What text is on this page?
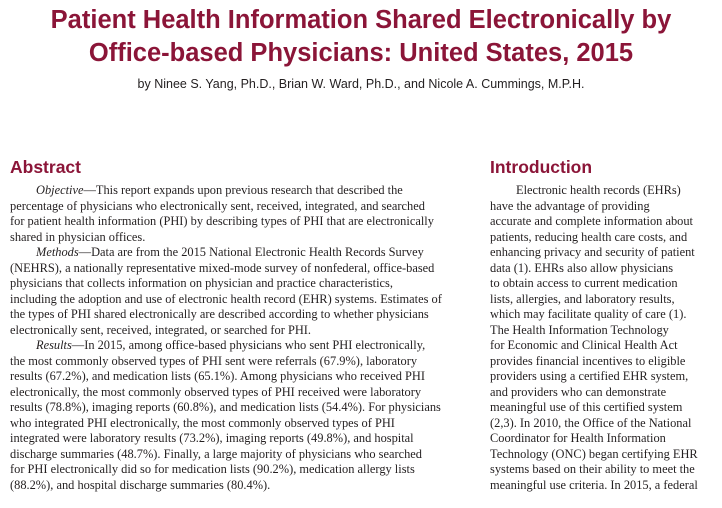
Patient Health Information Shared Electronically by
Office-based Physicians: United States, 2015
by Ninee S. Yang, Ph.D., Brian W. Ward, Ph.D., and Nicole A. Cummings, M.P.H.
Abstract	Introduction
Objective—This report expands upon previous research that described the
percentage of physicians who electronically sent, received, integrated, and searched
for patient health information (PHI) by describing types of PHI that are electronically
shared in physician offices.
Methods—Data are from the 2015 National Electronic Health Records Survey
(NEHRS), a nationally representative mixed-mode survey of nonfederal, office-based
physicians that collects information on physician and practice characteristics,
including the adoption and use of electronic health record (EHR) systems. Estimates of
the types of PHI shared electronically are described according to whether physicians
electronically sent, received, integrated, or searched for PHI.
Results—In 2015, among office-based physicians who sent PHI electronically,
the most commonly observed types of PHI sent were referrals (67.9%), laboratory
results (67.2%), and medication lists (65.1%). Among physicians who received PHI
electronically, the most commonly observed types of PHI received were laboratory
results (78.8%), imaging reports (60.8%), and medication lists (54.4%). For physicians
who integrated PHI electronically, the most commonly observed types of PHI
integrated were laboratory results (73.2%), imaging reports (49.8%), and hospital
discharge summaries (48.7%). Finally, a large majority of physicians who searched
for PHI electronically did so for medication lists (90.2%), medication allergy lists
(88.2%), and hospital discharge summaries (80.4%).
Electronic health records (EHRs)
have the advantage of providing
accurate and complete information about
patients, reducing health care costs, and
enhancing privacy and security of patient
data (1). EHRs also allow physicians
to obtain access to current medication
lists, allergies, and laboratory results,
which may facilitate quality of care (1).
The Health Information Technology
for Economic and Clinical Health Act
provides financial incentives to eligible
providers using a certified EHR system,
and providers who can demonstrate
meaningful use of this certified system
(2,3). In 2010, the Office of the National
Coordinator for Health Information
Technology (ONC) began certifying EHR
systems based on their ability to meet the
meaningful use criteria. In 2015, a federal
